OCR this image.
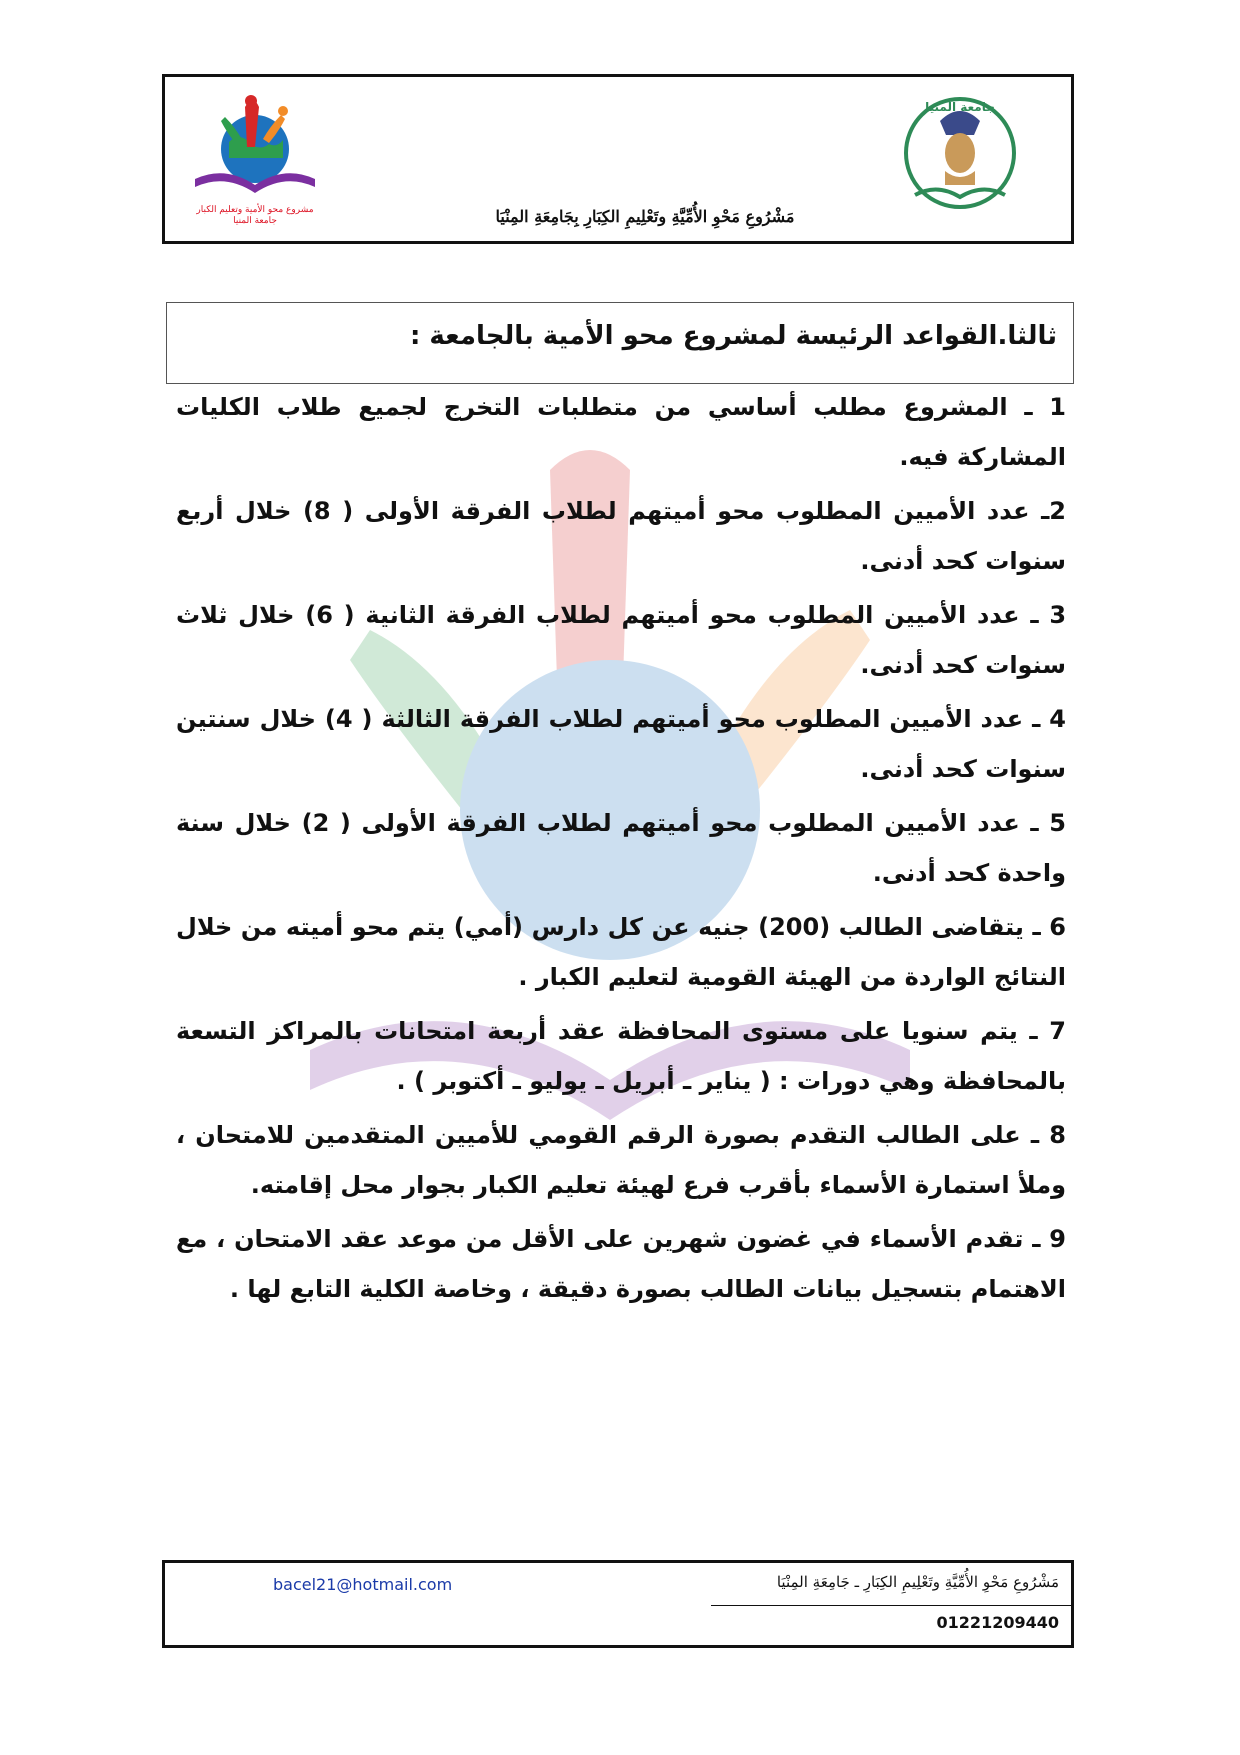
مشروع محو الأمية وتعليم الكبار
جامعة المنيا	مَشْرُوعِ مَحْوِ الأُمِّيَّةِ وتَعْلِيمِ الكِبَارِ بِجَامِعَةِ المِنْيَا
جامعة المنيا
ثالثا.القواعد الرئيسة لمشروع محو الأمية بالجامعة :

1 ـ المشروع مطلب أساسي من متطلبات التخرج لجميع طلاب الكليات المشاركة فيه.

2ـ عدد الأميين المطلوب محو أميتهم لطلاب الفرقة الأولى ( 8) خلال أربع سنوات كحد أدنى.

3 ـ عدد الأميين المطلوب محو أميتهم لطلاب الفرقة الثانية ( 6) خلال ثلاث سنوات كحد أدنى.

4 ـ عدد الأميين المطلوب محو أميتهم لطلاب الفرقة الثالثة ( 4) خلال سنتين سنوات كحد أدنى.

5 ـ عدد الأميين المطلوب محو أميتهم لطلاب الفرقة الأولى ( 2) خلال سنة واحدة كحد أدنى.

6 ـ يتقاضى الطالب (200) جنيه عن كل دارس (أمي) يتم محو أميته من خلال النتائج الواردة من الهيئة القومية لتعليم الكبار .

7 ـ يتم سنويا على مستوى المحافظة عقد أربعة امتحانات بالمراكز التسعة بالمحافظة وهي دورات : ( يناير ـ أبريل ـ يوليو ـ أكتوبر ) .

8 ـ على الطالب التقدم بصورة الرقم القومي للأميين المتقدمين للامتحان ، وملأ استمارة الأسماء بأقرب فرع لهيئة تعليم الكبار بجوار محل إقامته.

9 ـ تقدم الأسماء في غضون شهرين على الأقل من موعد عقد الامتحان ، مع الاهتمام بتسجيل بيانات الطالب بصورة دقيقة ، وخاصة الكلية التابع لها .

bacel21@hotmail.com	مَشْرُوعِ مَحْوِ الأُمِّيَّةِ وتَعْلِيمِ الكِبَارِ ـ جَامِعَةِ المِنْيَا
01221209440
